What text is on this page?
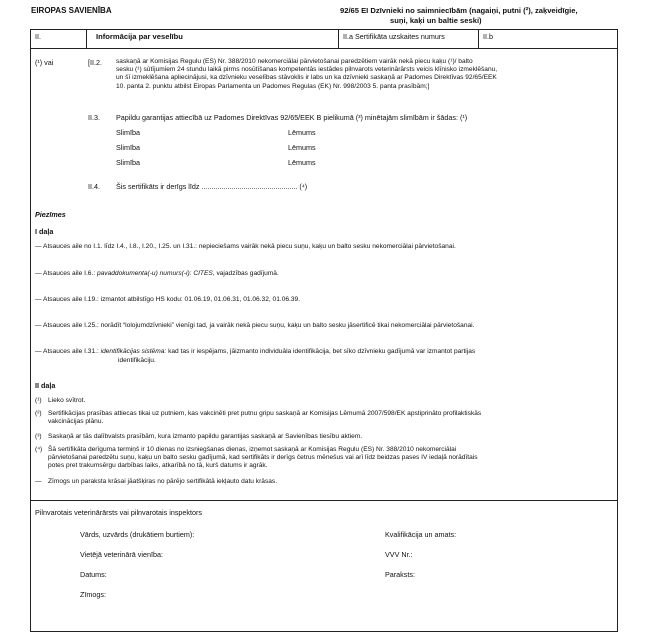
EIROPAS SAVIENĪBA	92/65 EI Dzīvnieki no saimniecībām (nagaiņi, putni (²), zaķveidīgie,
suņi, kaķi un baltie seski)
II.	Informācija par veselību	II.a Sertifikāta uzskaites numurs	II.b
(¹) vai	[II.2. saskaņā ar Komisijas Regulu (ES) Nr. 388/2010 nekomerciālai pārvietošanai paredzētiem vairāk nekā piecu kaķu (¹)/ balto
sesku (¹) sūtījumiem 24 stundu laikā pirms nosūtīšanas kompetentās iestādes pilnvarots veterinārārsts veicis klīnisko izmeklēšanu,
un šī izmeklēšana apliecinājusi, ka dzīvnieku veselības stāvoklis ir labs un ka dzīvnieki saskaņā ar Padomes Direktīvas 92/65/EEK
10. panta 2. punktu atbilst Eiropas Parlamenta un Padomes Regulas (EK) Nr. 998/2003 5. panta prasībām;]
II.3. Papildu garantijas attiecībā uz Padomes Direktīvas 92/65/EEK B pielikumā (³) minētajām slimībām ir šādas: (¹)
Slimība	Lēmums
Slimība	Lēmums
Slimība	Lēmums
II.4. Šis sertifikāts ir derīgs līdz ................................................ (⁴)
Piezīmes
I daļa
— Atsauces aile no I.1. līdz I.4., I.8., I.20., I.25. un I.31.: nepieciešams vairāk nekā piecu suņu, kaķu un balto sesku nekomerciālai pārvietošanai.
— Atsauces aile I.6.: pavaddokumenta(-u) numurs(-i): CITES, vajadzības gadījumā.
— Atsauces aile I.19.: izmantot atbilstīgo HS kodu: 01.06.19, 01.06.31, 01.06.32, 01.06.39.
— Atsauces aile I.25.: norādīt “lolojumdzīvnieki” vienīgi tad, ja vairāk nekā piecu suņu, kaķu un balto sesku jāsertificē tikai nekomerciālai pārvietošanai.
— Atsauces aile I.31.: identifikācijas sistēma: kad tas ir iespējams, jāizmanto individuāla identifikācija, bet sīko dzīvnieku gadījumā var izmantot partijas
identifikāciju.
II daļa
(¹) Lieko svītrot.
(²) Sertifikācijas prasības attiecas tikai uz putniem, kas vakcinēti pret putnu gripu saskaņā ar Komisijas Lēmumā 2007/598/EK apstiprināto profilaktiskās
vakcinācijas plānu.
(³) Saskaņā ar tās dalībvalsts prasībām, kura izmanto papildu garantijas saskaņā ar Savienības tiesību aktiem.
(⁴) Šā sertifikāta derīguma termiņš ir 10 dienas no izsniegšanas dienas, izņemot saskaņā ar Komisijas Regulu (ES) Nr. 388/2010 nekomerciālai
pārvietošanai paredzētu suņu, kaķu un balto sesku gadījumā, kad sertifikāts ir derīgs četrus mēnešus vai arī līdz beidzas pases IV iedaļā norādītais
potes pret trakumsērgu darbības laiks, atkarībā no tā, kurš datums ir agrāk.
— Zīmogs un paraksta krāsai jāatšķiras no pārējo sertifikātā iekļauto datu krāsas.
Pilnvarotais veterinārārsts vai pilnvarotais inspektors
Vārds, uzvārds (drukātiem burtiem):	Kvalifikācija un amats:
Vietējā veterinārā vienība:	VVV Nr.:
Datums:	Paraksts:
Zīmogs:
